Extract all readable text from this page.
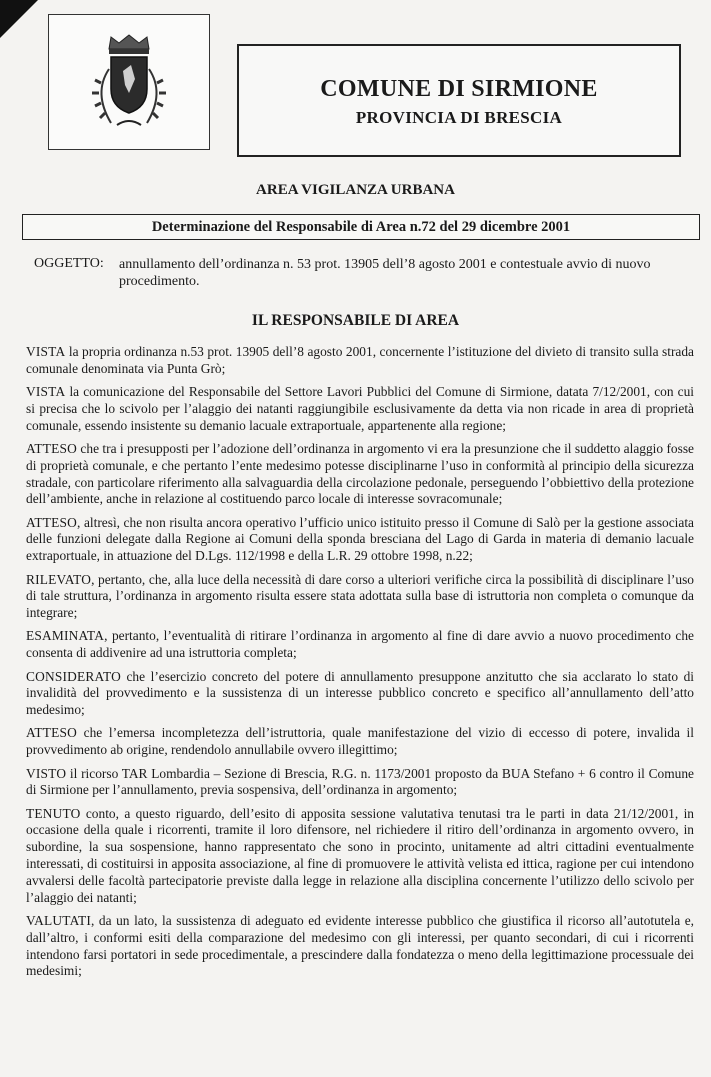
COMUNE DI SIRMIONE
PROVINCIA DI BRESCIA
AREA VIGILANZA URBANA
Determinazione del Responsabile di Area n.72 del 29 dicembre 2001
OGGETTO: annullamento dell’ordinanza n. 53 prot. 13905 dell’8 agosto 2001 e contestuale avvio di nuovo procedimento.
IL RESPONSABILE DI AREA

VISTA la propria ordinanza n.53 prot. 13905 dell’8 agosto 2001, concernente l’istituzione del divieto di transito sulla strada comunale denominata via Punta Grò;

VISTA la comunicazione del Responsabile del Settore Lavori Pubblici del Comune di Sirmione, datata 7/12/2001, con cui si precisa che lo scivolo per l’alaggio dei natanti raggiungibile esclusivamente da detta via non ricade in area di proprietà comunale, essendo insistente su demanio lacuale extraportuale, appartenente alla regione;

ATTESO che tra i presupposti per l’adozione dell’ordinanza in argomento vi era la presunzione che il suddetto alaggio fosse di proprietà comunale, e che pertanto l’ente medesimo potesse disciplinarne l’uso in conformità al principio della sicurezza stradale, con particolare riferimento alla salvaguardia della circolazione pedonale, perseguendo l’obbiettivo della protezione dell’ambiente, anche in relazione al costituendo parco locale di interesse sovracomunale;

ATTESO, altresì, che non risulta ancora operativo l’ufficio unico istituito presso il Comune di Salò per la gestione associata delle funzioni delegate dalla Regione ai Comuni della sponda bresciana del Lago di Garda in materia di demanio lacuale extraportuale, in attuazione del D.Lgs. 112/1998 e della L.R. 29 ottobre 1998, n.22;

RILEVATO, pertanto, che, alla luce della necessità di dare corso a ulteriori verifiche circa la possibilità di disciplinare l’uso di tale struttura, l’ordinanza in argomento risulta essere stata adottata sulla base di istruttoria non completa o comunque da integrare;

ESAMINATA, pertanto, l’eventualità di ritirare l’ordinanza in argomento al fine di dare avvio a nuovo procedimento che consenta di addivenire ad una istruttoria completa;

CONSIDERATO che l’esercizio concreto del potere di annullamento presuppone anzitutto che sia acclarato lo stato di invalidità del provvedimento e la sussistenza di un interesse pubblico concreto e specifico all’annullamento dell’atto medesimo;

ATTESO che l’emersa incompletezza dell’istruttoria, quale manifestazione del vizio di eccesso di potere, invalida il provvedimento ab origine, rendendolo annullabile ovvero illegittimo;

VISTO il ricorso TAR Lombardia – Sezione di Brescia, R.G. n. 1173/2001 proposto da BUA Stefano + 6 contro il Comune di Sirmione per l’annullamento, previa sospensiva, dell’ordinanza in argomento;

TENUTO conto, a questo riguardo, dell’esito di apposita sessione valutativa tenutasi tra le parti in data 21/12/2001, in occasione della quale i ricorrenti, tramite il loro difensore, nel richiedere il ritiro dell’ordinanza in argomento ovvero, in subordine, la sua sospensione, hanno rappresentato che sono in procinto, unitamente ad altri cittadini eventualmente interessati, di costituirsi in apposita associazione, al fine di promuovere le attività velista ed ittica, ragione per cui intendono avvalersi delle facoltà partecipatorie previste dalla legge in relazione alla disciplina concernente l’utilizzo dello scivolo per l’alaggio dei natanti;

VALUTATI, da un lato, la sussistenza di adeguato ed evidente interesse pubblico che giustifica il ricorso all’autotutela e, dall’altro, i conformi esiti della comparazione del medesimo con gli interessi, per quanto secondari, di cui i ricorrenti intendono farsi portatori in sede procedimentale, a prescindere dalla fondatezza o meno della legittimazione processuale dei medesimi;
